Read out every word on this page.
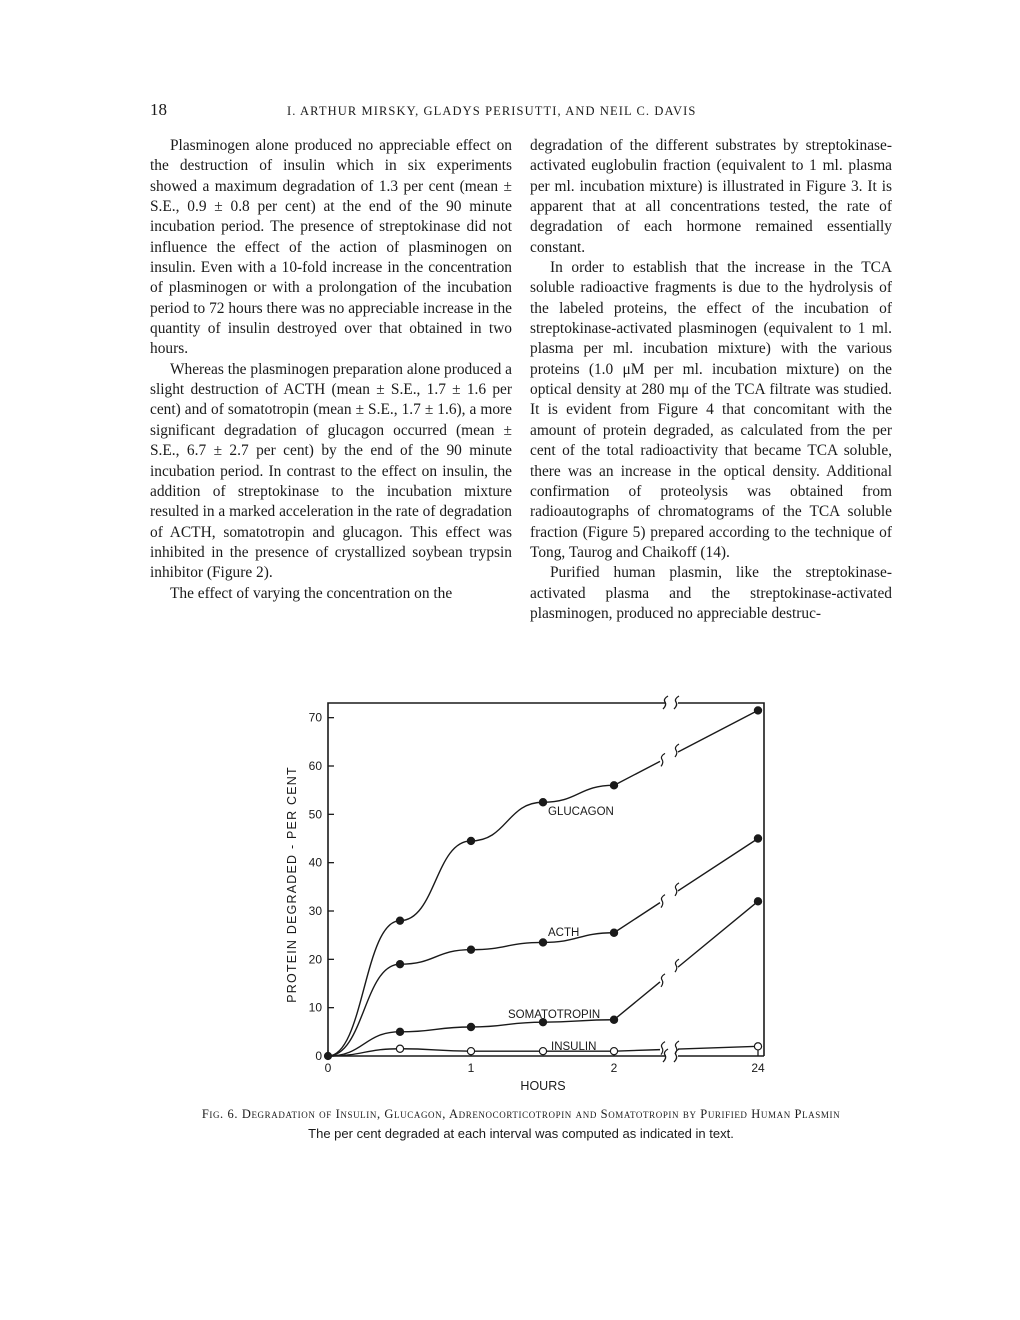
18	I. ARTHUR MIRSKY, GLADYS PERISUTTI, AND NEIL C. DAVIS

Plasminogen alone produced no appreciable effect on the destruction of insulin which in six experiments showed a maximum degradation of 1.3 per cent (mean ± S.E., 0.9 ± 0.8 per cent) at the end of the 90 minute incubation period. The presence of streptokinase did not influence the effect of the action of plasminogen on insulin. Even with a 10-fold increase in the concentration of plasminogen or with a prolongation of the incubation period to 72 hours there was no appreciable increase in the quantity of insulin destroyed over that obtained in two hours.

Whereas the plasminogen preparation alone produced a slight destruction of ACTH (mean ± S.E., 1.7 ± 1.6 per cent) and of somatotropin (mean ± S.E., 1.7 ± 1.6), a more significant degradation of glucagon occurred (mean ± S.E., 6.7 ± 2.7 per cent) by the end of the 90 minute incubation period. In contrast to the effect on insulin, the addition of streptokinase to the incubation mixture resulted in a marked acceleration in the rate of degradation of ACTH, somatotropin and glucagon. This effect was inhibited in the presence of crystallized soybean trypsin inhibitor (Figure 2).

The effect of varying the concentration on the

degradation of the different substrates by streptokinase-activated euglobulin fraction (equivalent to 1 ml. plasma per ml. incubation mixture) is illustrated in Figure 3. It is apparent that at all concentrations tested, the rate of degradation of each hormone remained essentially constant.

In order to establish that the increase in the TCA soluble radioactive fragments is due to the hydrolysis of the labeled proteins, the effect of the incubation of streptokinase-activated plasminogen (equivalent to 1 ml. plasma per ml. incubation mixture) with the various proteins (1.0 μM per ml. incubation mixture) on the optical density at 280 mμ of the TCA filtrate was studied. It is evident from Figure 4 that concomitant with the amount of protein degraded, as calculated from the per cent of the total radioactivity that became TCA soluble, there was an increase in the optical density. Additional confirmation of proteolysis was obtained from radioautographs of chromatograms of the TCA soluble fraction (Figure 5) prepared according to the technique of Tong, Taurog and Chaikoff (14).

Purified human plasmin, like the streptokinase-activated plasma and the streptokinase-activated plasminogen, produced no appreciable destruc-

0
10
20
30
40
50
60
70
0	1	2	24
HOURS
PROTEIN DEGRADED - PER CENT	GLUCAGON
ACTH
SOMATOTROPIN
INSULIN
Fig. 6. Degradation of Insulin, Glucagon, Adrenocorticotropin and Somatotropin by Purified Human Plasmin
The per cent degraded at each interval was computed as indicated in text.
